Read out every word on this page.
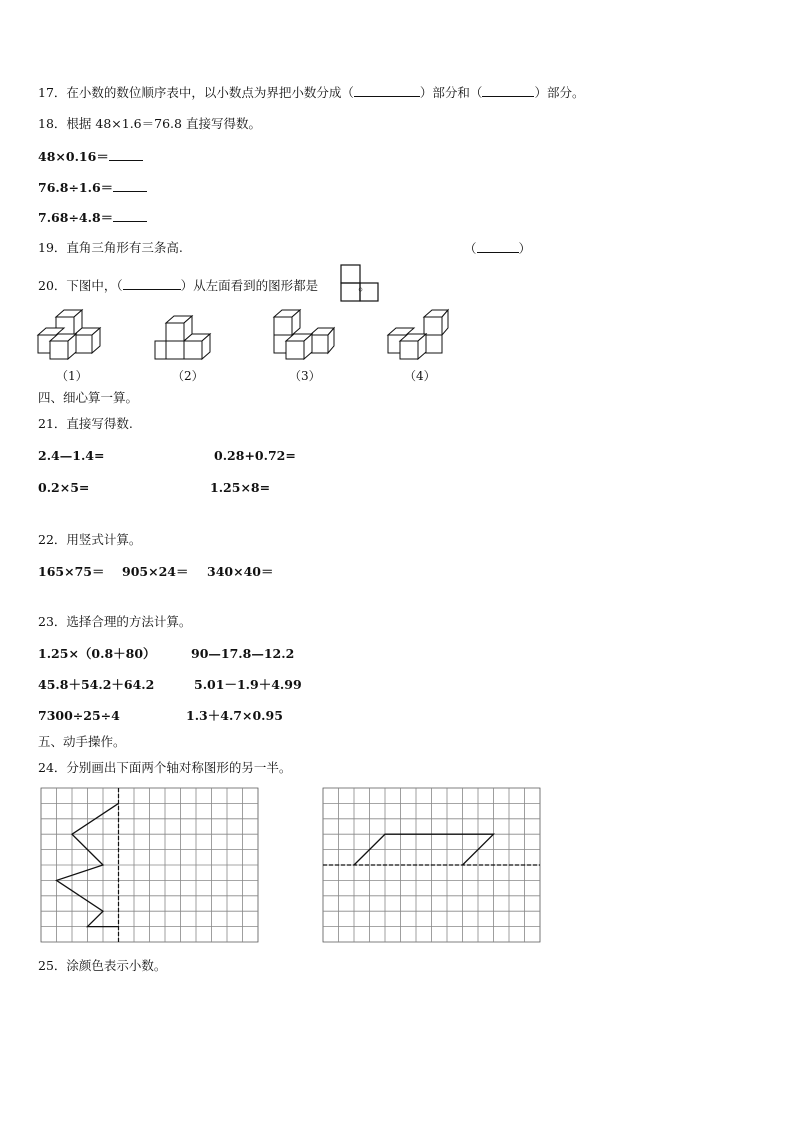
17．在小数的数位顺序表中，以小数点为界把小数分成（	）部分和（	）部分。
18．根据 48×1.6＝76.8 直接写得数。
48×0.16＝
76.8÷1.6＝
7.68÷4.8＝
19．直角三角形有三条高.	（	）
20．下图中，（	）从左面看到的图形都是	。
（1）	（2）	（3）	（4）
四、细心算一算。
21．直接写得数.
2.4—1.4=	0.28+0.72=
0.2×5=	1.25×8=
22．用竖式计算。
165×75＝ 905×24＝ 340×40＝
23．选择合理的方法计算。
1.25×（0.8＋80）	90—17.8—12.2
45.8＋54.2＋64.2	5.01－1.9＋4.99
7300÷25÷4	1.3＋4.7×0.95
五、动手操作。
24．分别画出下面两个轴对称图形的另一半。
25．涂颜色表示小数。
